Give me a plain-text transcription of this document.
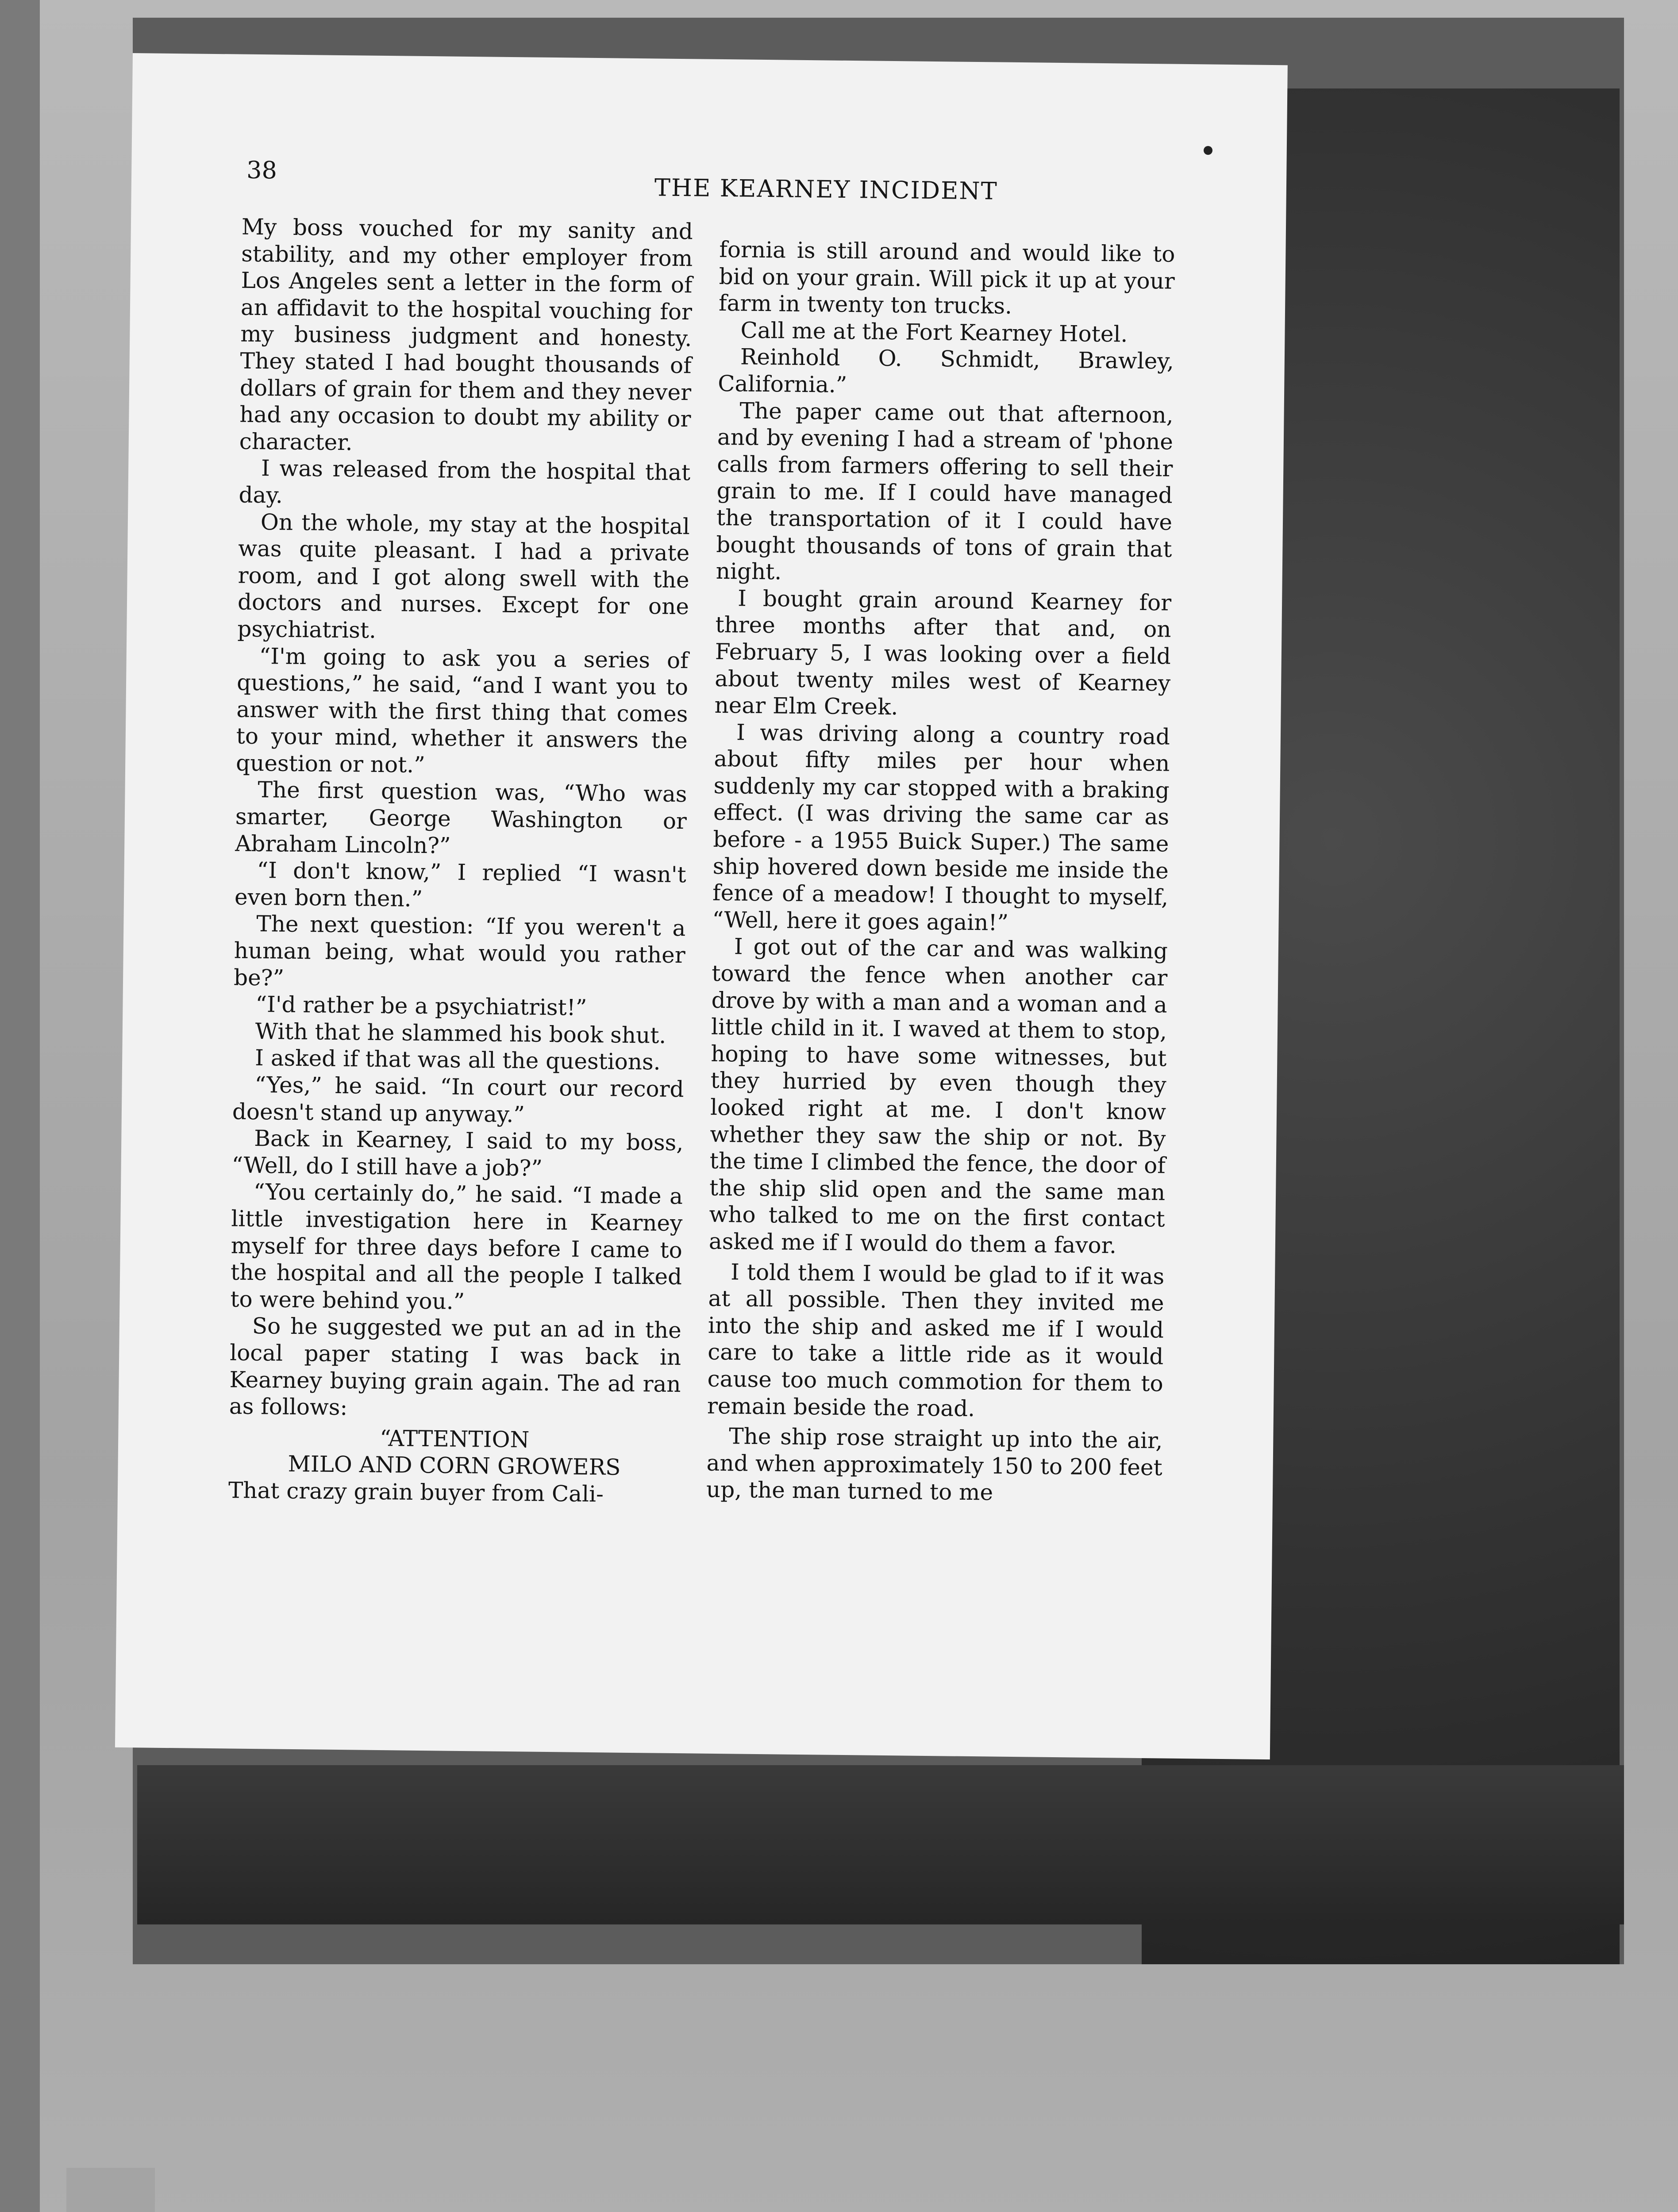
38
THE KEARNEY INCIDENT

My boss vouched for my sanity and stability, and my other employer from Los Angeles sent a letter in the form of an affidavit to the hospital vouching for my business judgment and honesty. They stated I had bought thousands of dollars of grain for them and they never had any occasion to doubt my ability or character.

I was released from the hospital that day.

On the whole, my stay at the hospital was quite pleasant. I had a private room, and I got along swell with the doctors and nurses. Except for one psychiatrist.

“I'm going to ask you a series of questions,” he said, “and I want you to answer with the first thing that comes to your mind, whether it answers the question or not.”

The first question was, “Who was smarter, George Washington or Abraham Lincoln?”

“I don't know,” I replied “I wasn't even born then.”

The next question: “If you weren't a human being, what would you rather be?”

“I'd rather be a psychiatrist!”

With that he slammed his book shut.

I asked if that was all the questions.

“Yes,” he said. “In court our record doesn't stand up anyway.”

Back in Kearney, I said to my boss, “Well, do I still have a job?”

“You certainly do,” he said. “I made a little investigation here in Kearney myself for three days before I came to the hospital and all the people I talked to were behind you.”

So he suggested we put an ad in the local paper stating I was back in Kearney buying grain again. The ad ran as follows:

“ATTENTION

MILO AND CORN GROWERS

That crazy grain buyer from Cali-

fornia is still around and would like to bid on your grain. Will pick it up at your farm in twenty ton trucks.

Call me at the Fort Kearney Hotel.

Reinhold O. Schmidt, Brawley, California.”

The paper came out that afternoon, and by evening I had a stream of 'phone calls from farmers offering to sell their grain to me. If I could have managed the transportation of it I could have bought thousands of tons of grain that night.

I bought grain around Kearney for three months after that and, on February 5, I was looking over a field about twenty miles west of Kearney near Elm Creek.

I was driving along a country road about fifty miles per hour when suddenly my car stopped with a braking effect. (I was driving the same car as before - a 1955 Buick Super.) The same ship hovered down beside me inside the fence of a meadow! I thought to myself, “Well, here it goes again!”

I got out of the car and was walking toward the fence when another car drove by with a man and a woman and a little child in it. I waved at them to stop, hoping to have some witnesses, but they hurried by even though they looked right at me. I don't know whether they saw the ship or not. By the time I climbed the fence, the door of the ship slid open and the same man who talked to me on the first contact asked me if I would do them a favor.

I told them I would be glad to if it was at all possible. Then they invited me into the ship and asked me if I would care to take a little ride as it would cause too much commotion for them to remain beside the road.

The ship rose straight up into the air, and when approximately 150 to 200 feet up, the man turned to me
